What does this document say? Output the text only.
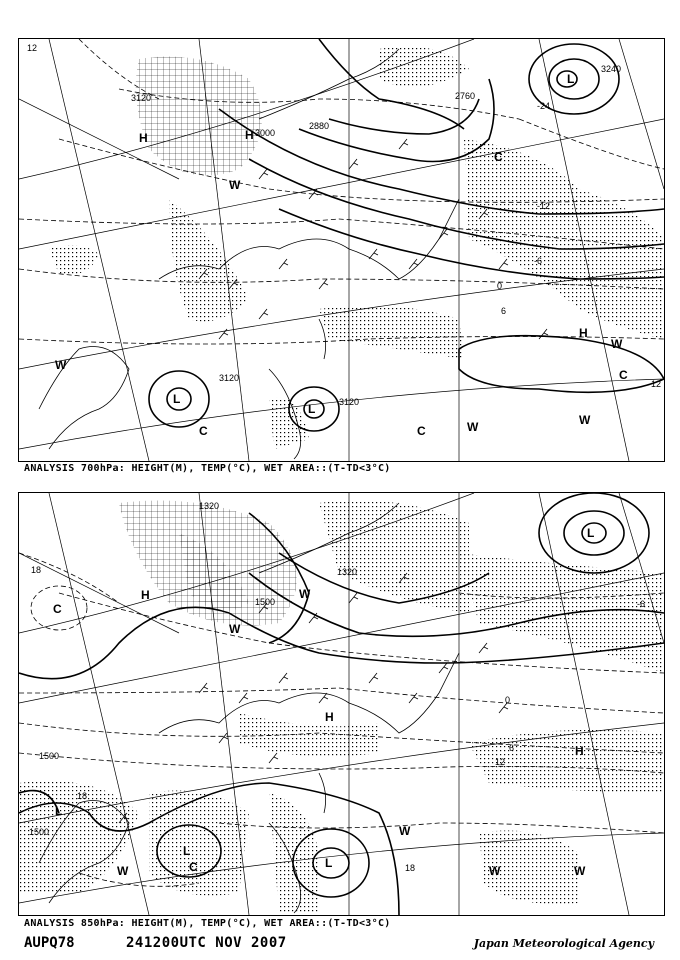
12
3120
3000
2880
2760
3240
3120
3120
-12
-24
-6
0
6
12
H
H
L
L
L
W
W
W
W
W
C
C	C
C
H
ANALYSIS 700hPa: HEIGHT(M), TEMP(°C), WET AREA::(T-TD<3°C)
1500
1500
1500
1320
1320
18
18
18
12
6
0
-6
H
H
H
C
C
L
L
L
L
W
W
W	W
W
W
ANALYSIS 850hPa: HEIGHT(M), TEMP(°C), WET AREA::(T-TD<3°C)
AUPQ78	241200UTC NOV 2007	Japan Meteorological Agency
